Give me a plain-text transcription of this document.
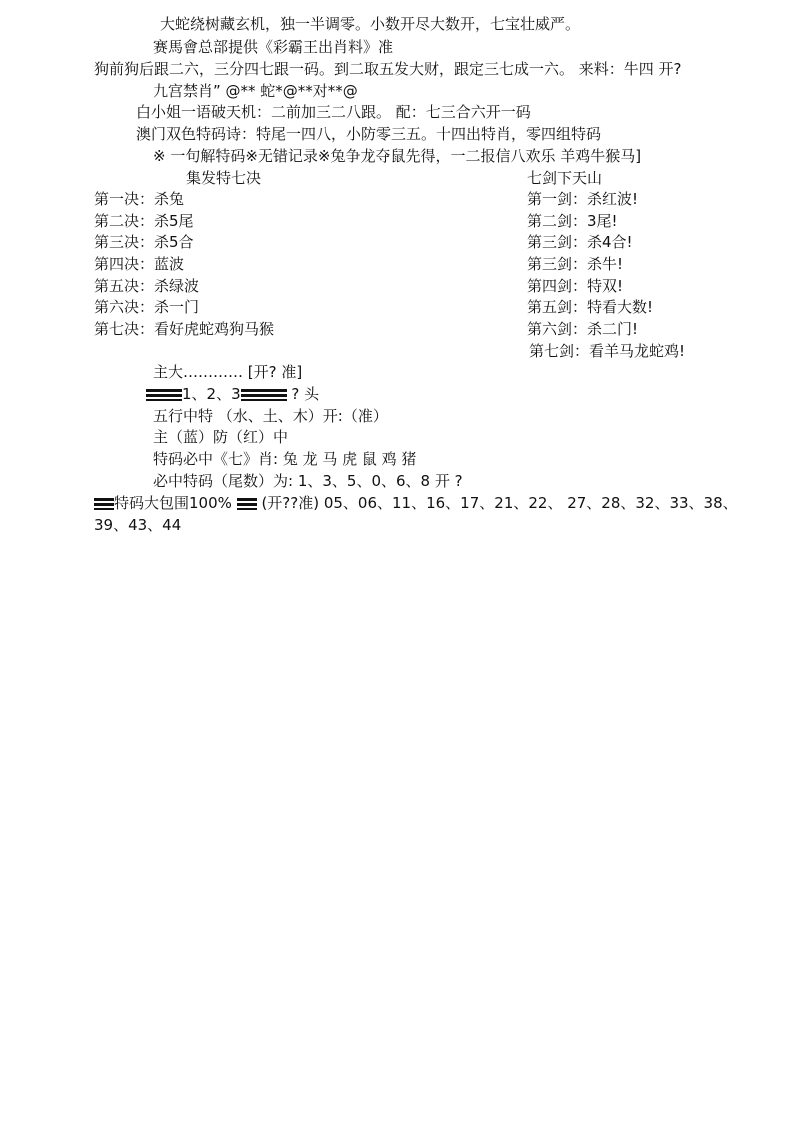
大蛇绕树藏玄机，独一半调零。小数开尽大数开，七宝壮威严。
赛馬會总部提供《彩霸王出肖料》准
狗前狗后跟二六，三分四七跟一码。到二取五发大财，跟定三七成一六。 来料：牛四 开?
九宫禁肖” @** 蛇*@**对**@
白小姐一语破天机：二前加三二八跟。 配：七三合六开一码
澳门双色特码诗：特尾一四八，小防零三五。十四出特肖，零四组特码
※ 一句解特码※无错记录※兔争龙夺鼠先得，一二报信八欢乐 羊鸡牛猴马]
集发特七决	七剑下天山
第一决：杀兔
第二决：杀5尾
第三决：杀5合
第四决：蓝波
第五决：杀绿波
第六决：杀一门
第七决：看好虎蛇鸡狗马猴
第一剑：杀红波!
第二剑：3尾!
第三剑：杀4合!
第三剑：杀牛!
第四剑：特双!
第五剑：特看大数!
第六剑：杀二门!
第七剑：看羊马龙蛇鸡!
主大………… [开? 准]
1、2、3	? 头
五行中特 （水、土、木）开:（准）
主（蓝）防（红）中
特码必中《七》肖: 兔 龙 马 虎 鼠 鸡 猪
必中特码（尾数）为: 1、3、5、0、6、8 开 ?
特码大包围100%  (开??准) 05、06、11、16、17、21、22、 27、28、32、33、38、
39、43、44
